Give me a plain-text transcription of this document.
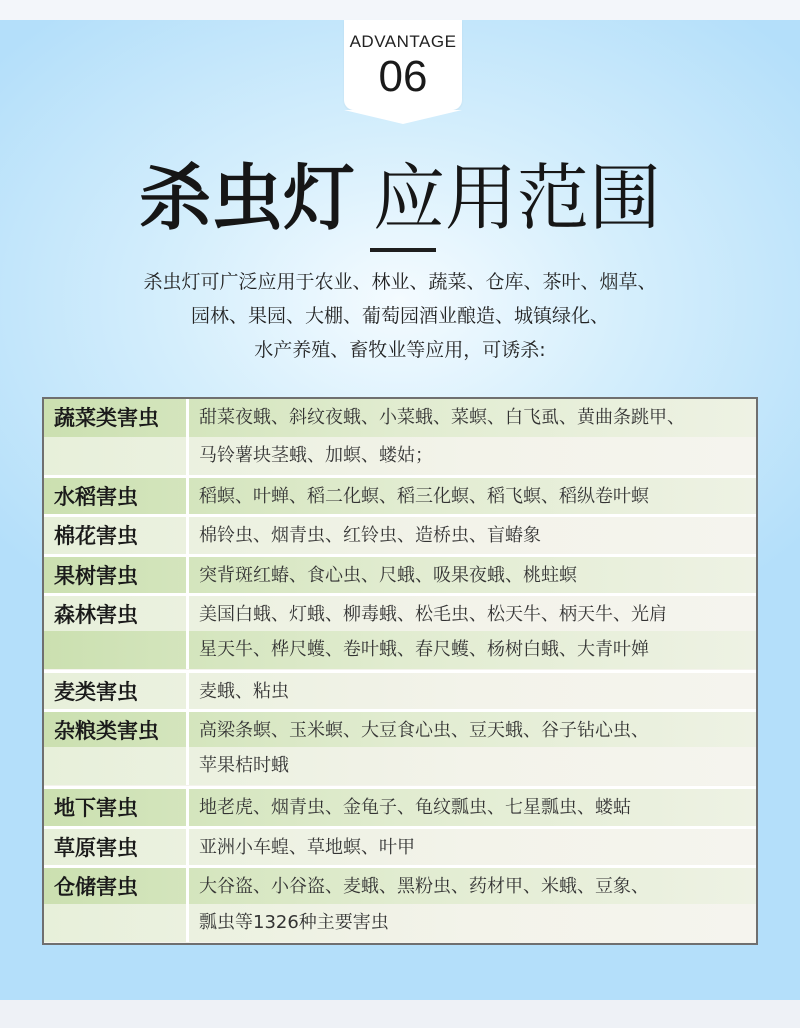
ADVANTAGE
06
杀虫灯 应用范围
杀虫灯可广泛应用于农业、林业、蔬菜、仓库、茶叶、烟草、
园林、果园、大棚、葡萄园酒业酿造、城镇绿化、
水产养殖、畜牧业等应用，可诱杀:
蔬菜类害虫	甜菜夜蛾、斜纹夜蛾、小菜蛾、菜螟、白飞虱、黄曲条跳甲、
马铃薯块茎蛾、加螟、蝼姑；
水稻害虫	稻螟、叶蝉、稻二化螟、稻三化螟、稻飞螟、稻纵卷叶螟
棉花害虫	棉铃虫、烟青虫、红铃虫、造桥虫、盲蝽象
果树害虫	突背斑红蝽、食心虫、尺蛾、吸果夜蛾、桃蛀螟
森林害虫	美国白蛾、灯蛾、柳毒蛾、松毛虫、松天牛、柄天牛、光肩
星天牛、桦尺蠖、卷叶蛾、春尺蠖、杨树白蛾、大青叶婵
麦类害虫	麦蛾、粘虫
杂粮类害虫	高梁条螟、玉米螟、大豆食心虫、豆天蛾、谷子钻心虫、
苹果桔时蛾
地下害虫	地老虎、烟青虫、金龟子、龟纹瓢虫、七星瓢虫、蝼蛄
草原害虫	亚洲小车蝗、草地螟、叶甲
仓储害虫	大谷盗、小谷盗、麦蛾、黑粉虫、药材甲、米蛾、豆象、
瓢虫等1326种主要害虫
